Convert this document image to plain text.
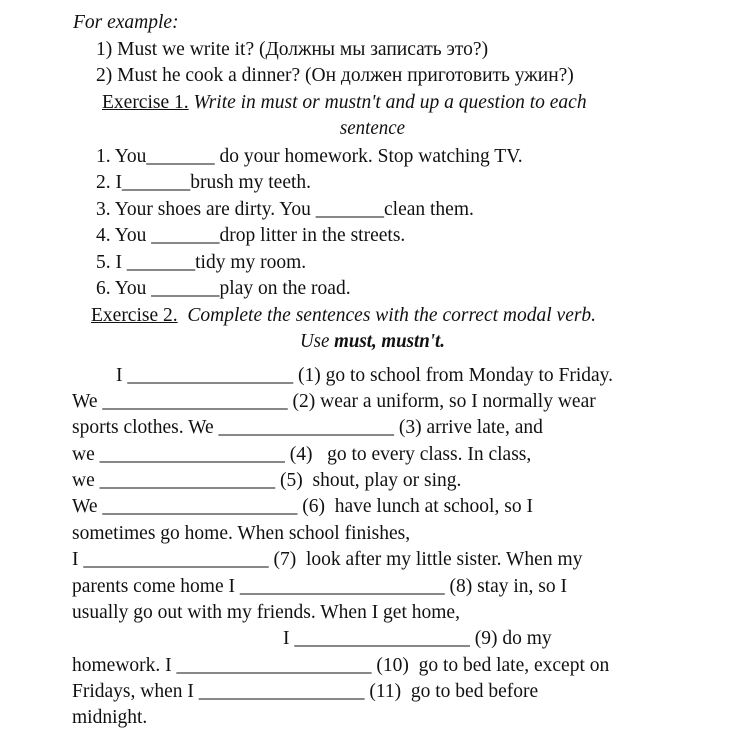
For example:
1) Must we write it? (Должны мы записать это?)
2) Must he cook a dinner? (Он должен приготовить ужин?)
Exercise 1. Write in must or mustn't and up a question to each
sentence
1. You_______ do your homework. Stop watching TV.
2. I_______brush my teeth.
3. Your shoes are dirty. You _______clean them.
4. You _______drop litter in the streets.
5. I _______tidy my room.
6. You _______play on the road.
Exercise 2. Complete the sentences with the correct modal verb.
Use must, mustn't.
I _________________ (1) go to school from Monday to Friday.
We ___________________ (2) wear a uniform, so I normally wear
sports clothes. We __________________ (3) arrive late, and
we ___________________ (4)   go to every class. In class,
we __________________ (5)  shout, play or sing.
We ____________________ (6)  have lunch at school, so I
sometimes go home. When school finishes,
I ___________________ (7)  look after my little sister. When my
parents come home I _____________________ (8) stay in, so I
usually go out with my friends. When I get home,
I __________________ (9) do my
homework. I ____________________ (10)  go to bed late, except on
Fridays, when I _________________ (11)  go to bed before
midnight.
